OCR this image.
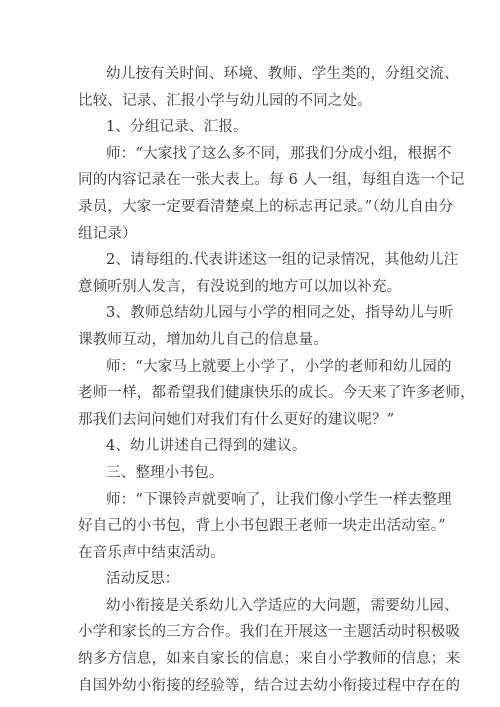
幼儿按有关时间、环境、教师、学生类的，分组交流、
比较、记录、汇报小学与幼儿园的不同之处。
1、分组记录、汇报。
师：“大家找了这么多不同，那我们分成小组，根据不
同的内容记录在一张大表上。每 6 人一组，每组自选一个记
录员，大家一定要看清楚桌上的标志再记录。”（幼儿自由分
组记录）
2、请每组的.代表讲述这一组的记录情况，其他幼儿注
意倾听别人发言，有没说到的地方可以加以补充。
3、教师总结幼儿园与小学的相同之处，指导幼儿与听
课教师互动，增加幼儿自己的信息量。
师：“大家马上就要上小学了，小学的老师和幼儿园的
老师一样，都希望我们健康快乐的成长。今天来了许多老师，
那我们去问问她们对我们有什么更好的建议呢？”
4、幼儿讲述自己得到的建议。
三、整理小书包。
师：“下课铃声就要响了，让我们像小学生一样去整理
好自己的小书包，背上小书包跟王老师一块走出活动室。”
在音乐声中结束活动。
活动反思：
幼小衔接是关系幼儿入学适应的大问题，需要幼儿园、
小学和家长的三方合作。我们在开展这一主题活动时积极吸
纳多方信息，如来自家长的信息；来自小学教师的信息；来
自国外幼小衔接的经验等，结合过去幼小衔接过程中存在的
